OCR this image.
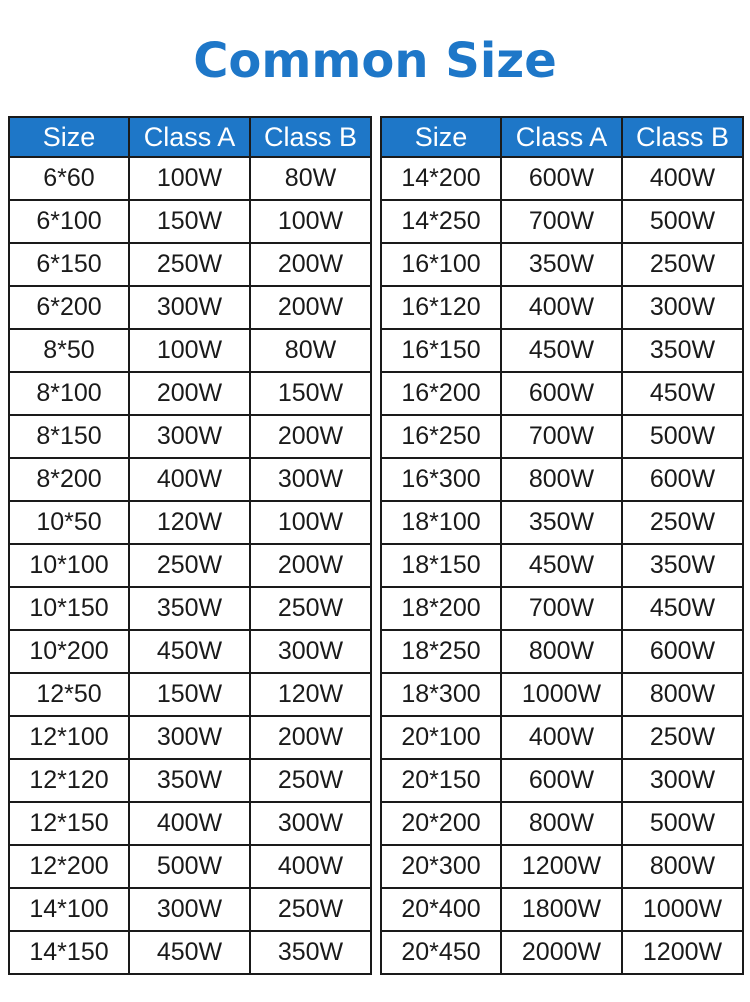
Common Size
Size	Class A	Class B
6*60	100W	80W
6*100	150W	100W
6*150	250W	200W
6*200	300W	200W
8*50	100W	80W
8*100	200W	150W
8*150	300W	200W
8*200	400W	300W
10*50	120W	100W
10*100	250W	200W
10*150	350W	250W
10*200	450W	300W
12*50	150W	120W
12*100	300W	200W
12*120	350W	250W
12*150	400W	300W
12*200	500W	400W
14*100	300W	250W
14*150	450W	350W
Size	Class A	Class B
14*200	600W	400W
14*250	700W	500W
16*100	350W	250W
16*120	400W	300W
16*150	450W	350W
16*200	600W	450W
16*250	700W	500W
16*300	800W	600W
18*100	350W	250W
18*150	450W	350W
18*200	700W	450W
18*250	800W	600W
18*300	1000W	800W
20*100	400W	250W
20*150	600W	300W
20*200	800W	500W
20*300	1200W	800W
20*400	1800W	1000W
20*450	2000W	1200W
